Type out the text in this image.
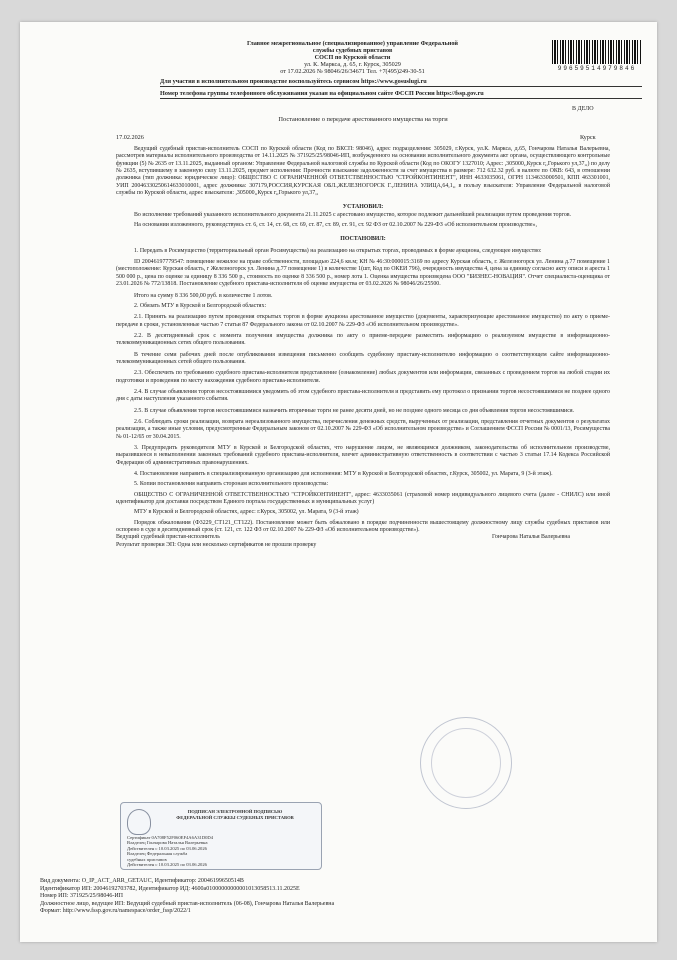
Главное межрегиональное (специализированное) управление Федеральной
службы судебных приставов
СОСП по Курской области
ул. К. Маркса, д. 65, г. Курск, 305029
от 17.02.2026 № 98046/26/34671 Тел. +7(495)249-30-51	99659514979846
Для участия в исполнительном производстве воспользуйтесь сервисом https://www.gosuslugi.ru
Номер телефона группы телефонного обслуживания указан на официальном сайте ФССП России https://fssp.gov.ru
В ДЕЛО
Постановление о передаче арестованного имущества на торги
17.02.2026	Курск

Ведущий судебный пристав-исполнитель СОСП по Курской области (Код по ВКСП: 98046), адрес подразделения: 305029, г.Курск, ул.К. Маркса, д.65, Гончарова Наталья Валерьевна, рассмотрев материалы исполнительного производства от 14.11.2025 № 371925/25/98046-ИП, возбужденного на основании исполнительного документа акт органа, осуществляющего контрольные функции (5) № 2635 от 13.11.2025, выданный органом: Управление Федеральной налоговой службы по Курской области (Код по ОКОГУ 1327010; Адрес: ,305000,,Курск г,,Горького ул,37,,) по делу № 2635, вступившему в законную силу 13.11.2025, предмет исполнения: Прочности взыскание задолженности за счет имущества в размере: 712 632.32 руб. в валюте по ОКВ: 643, в отношении должника (тип должника: юридическое лицо): ОБЩЕСТВО С ОГРАНИЧЕННОЙ ОТВЕТСТВЕННОСТЬЮ "СТРОЙКОНТИНЕНТ", ИНН 4633035061, ОГРН 1134633000501, КПП 463301001, УИП 20046330250614633010001, адрес должника: 307179,РОССИЯ,КУРСКАЯ ОБЛ.,ЖЕЛЕЗНОГОРСК Г.,ЛЕНИНА УЛИЦА,64,1,, в пользу взыскателя: Управление Федеральной налоговой службы по Курской области, адрес взыскателя: ,305000,,Курск г,,Горького ул,37,,

УСТАНОВИЛ:

Во исполнение требований указанного исполнительного документа 21.11.2025 с арестовано имущество, которое подлежит дальнейшей реализации путем проведения торгов.

На основании изложенного, руководствуясь ст. 6, ст. 14, ст. 68, ст. 69, ст. 87, ст. 89, ст. 91, ст. 92 ФЗ от 02.10.2007 № 229-ФЗ «Об исполнительном производстве»,

ПОСТАНОВИЛ:

1. Передать в Росимущество (территориальный орган Росимущества) на реализацию на открытых торгах, проводимых в форме аукциона, следующее имущество:

ID 20046197779547: помещение нежилое на праве собственности, площадью 224,6 кв.м; КН № 46:30:000015:3169 по адресу Курская область, г. Железногорск ул. Ленина д.77 помещение 1 (местоположение: Курская область, г Железногорск ул. Ленина д.77 помещение 1) в количестве 1(шт, Код по ОКЕИ 796), очередность имущества 4, цена за единицу согласно акту описи и ареста 1 500 000 р., цена по оценке за единицу 8 336 500 р., стоимость по оценке 8 336 500 р., номер лота 1. Оценка имущества произведена ООО "БИЗНЕС-НОВАЦИЯ". Отчет специалиста-оценщика от 23.01.2026 № 772/13818. Постановление судебного пристава-исполнителя об оценке имущества от 03.02.2026 № 98046/26/25500.

Итого на сумму 8 336 500,00 руб. в количестве 1 лотов.

2. Обязать МТУ в Курской и Белгородской областях:

2.1. Принять на реализацию путем проведения открытых торгов в форме аукциона арестованное имущество (документы, характеризующие арестованное имущество) по акту о приеме-передаче в сроки, установленные частью 7 статьи 87 Федерального закона от 02.10.2007 № 229-ФЗ «Об исполнительном производстве».

2.2. В десятидневный срок с момента получения имущества должника по акту о приеме-передаче разместить информацию о реализуемом имуществе в информационно-телекоммуникационных сетях общего пользования.

В течение семи рабочих дней после опубликования извещения письменно сообщить судебному приставу-исполнителю информацию о соответствующем сайте информационно-телекоммуникационных сетей общего пользования.

2.3. Обеспечить по требованию судебного пристава-исполнителя представление (ознакомление) любых документов или информации, связанных с проведением торгов на любой стадии их подготовки и проведения по месту нахождения судебного пристава-исполнителя.

2.4. В случае объявления торгов несостоявшимися уведомить об этом судебного пристава-исполнителя и представить ему протокол о признании торгов несостоявшимися не позднее одного дня с даты наступления указанного события.

2.5. В случае объявления торгов несостоявшимися назначить вторичные торги не ранее десяти дней, но не позднее одного месяца со дня объявления торгов несостоявшимися.

2.6. Соблюдать сроки реализации, возврата нереализованного имущества, перечисления денежных средств, вырученных от реализации, представления отчетных документов о результатах реализации, а также иные условия, предусмотренные Федеральным законом от 02.10.2007 № 229-ФЗ «Об исполнительном производстве» и Соглашением ФССП России № 0001/13, Росимущества № 01-12/65 от 30.04.2015.

3. Предупредить руководителя МТУ в Курской и Белгородской областях, что нарушение лицом, не являющимся должником, законодательства об исполнительном производстве, выразившееся в невыполнении законных требований судебного пристава-исполнителя, влечет административную ответственность в соответствии с частью 3 статьи 17.14 Кодекса Российской Федерации об административных правонарушениях.

4. Постановление направить в специализированную организацию для исполнения: МТУ в Курской и Белгородской областях, г.Курск, 305002, ул. Марата, 9 (3-й этаж).

5. Копии постановления направить сторонам исполнительного производства:

ОБЩЕСТВО С ОГРАНИЧЕННОЙ ОТВЕТСТВЕННОСТЬЮ "СТРОЙКОНТИНЕНТ", адрес: 4633035061 (страховой номер индивидуального лицевого счета (далее - СНИЛС) или иной идентификатор для доставки посредством Единого портала государственных и муниципальных услуг)

МТУ в Курской и Белгородской областях, адрес: г.Курск, 305002, ул. Марата, 9 (3-й этаж)

Порядок обжалования (Ф3229_СТ121_СТ122). Постановление может быть обжаловано в порядке подчиненности вышестоящему должностному лицу службы судебных приставов или оспорено в суде в десятидневный срок (ст. 121, ст. 122 ФЗ от 02.10.2007 № 229-ФЗ «Об исполнительном производстве»).

Ведущий судебный пристав-исполнитель	Гончарова Наталья Валерьевна

Результат проверки ЭП: Одна или несколько сертификатов не прошли проверку

ПОДПИСАН ЭЛЕКТРОННОЙ ПОДПИСЬЮ
ФЕДЕРАЛЬНОЙ СЛУЖБЫ СУДЕБНЫХ ПРИСТАВОВ
Сертификат 0A708F52F060EF4A6A31D0D4
Владелец Гончарова Наталья Валерьевна
Действителен с 10.03.2025 по 03.06.2026
Владелец Федеральная служба
судебных приставов
Действителен с 10.03.2025 по 03.06.2026
Вид документа: O_IP_ACT_ARR_GETAUC, Идентификатор: 20046199650514В
Идентификатор ИП: 20046192703782, Идентификатор ИД: 4600а01000000000001013058513.11.2025Е
Номер ИП: 371925/25/98046-ИП
Должностное лицо, ведущее ИП: Ведущий судебный пристав-исполнитель (06-08), Гончарова Наталья Валерьевна
Формат: http://www.fssp.gov.ru/namespace/order_fssp/2022/1
